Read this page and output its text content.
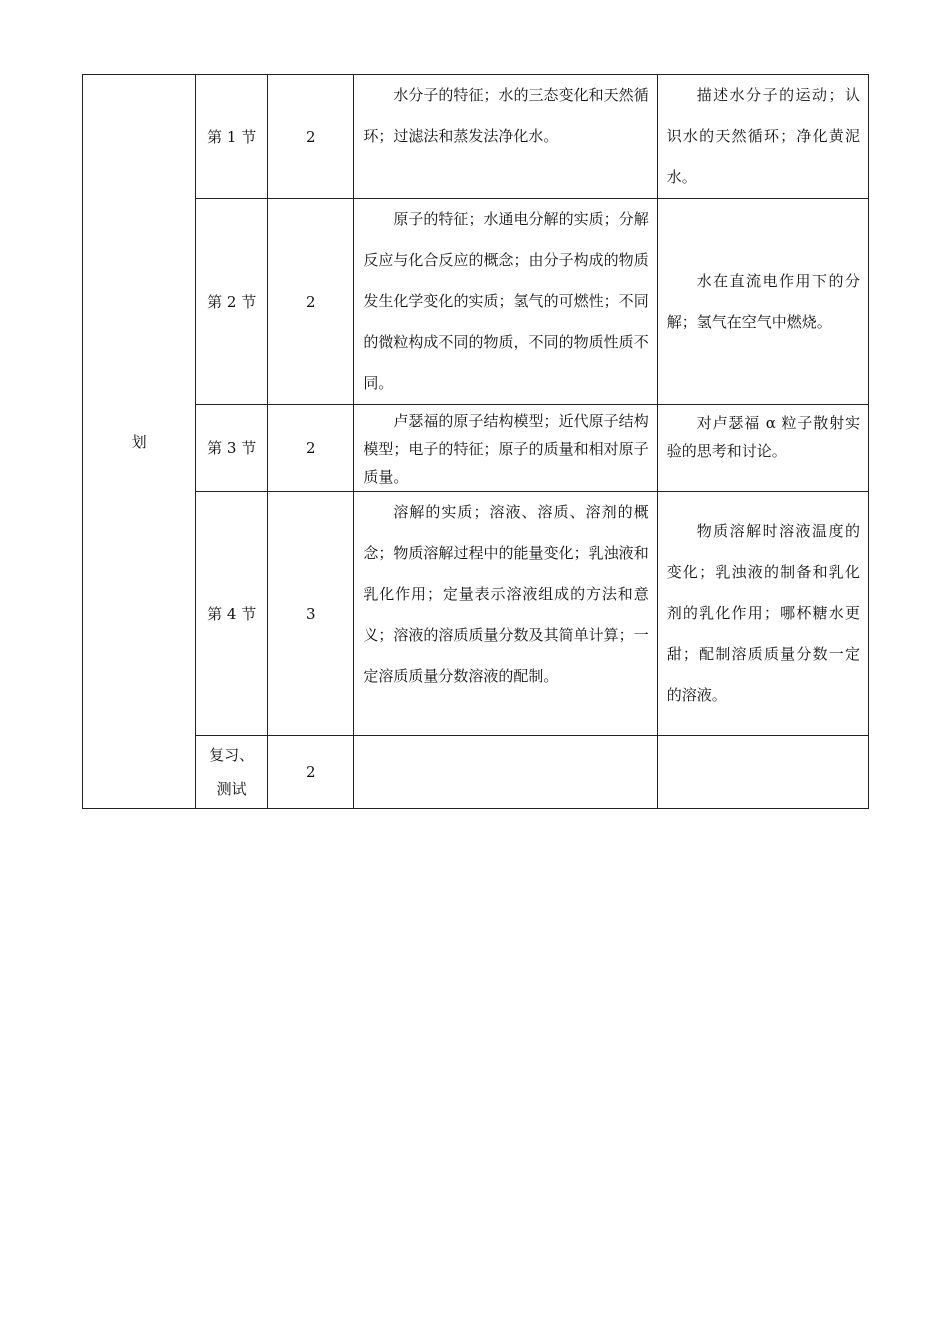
划	第 1 节	2	水分子的特征；水的三态变化和天然循环；过滤法和蒸发法净化水。	描述水分子的运动；认识水的天然循环；净化黄泥水。

	第 2 节	2	原子的特征；水通电分解的实质；分解反应与化合反应的概念；由分子构成的物质发生化学变化的实质；氢气的可燃性；不同的微粒构成不同的物质，不同的物质性质不同。	水在直流电作用下的分解；氢气在空气中燃烧。

	第 3 节	2	卢瑟福的原子结构模型；近代原子结构模型；电子的特征；原子的质量和相对原子质量。	对卢瑟福 α 粒子散射实验的思考和讨论。

	第 4 节	3	溶解的实质；溶液、溶质、溶剂的概念；物质溶解过程中的能量变化；乳浊液和乳化作用；定量表示溶液组成的方法和意义；溶液的溶质质量分数及其简单计算；一定溶质质量分数溶液的配制。	物质溶解时溶液温度的变化；乳浊液的制备和乳化剂的乳化作用；哪杯糖水更甜；配制溶质质量分数一定的溶液。

	复习、测试	2	
